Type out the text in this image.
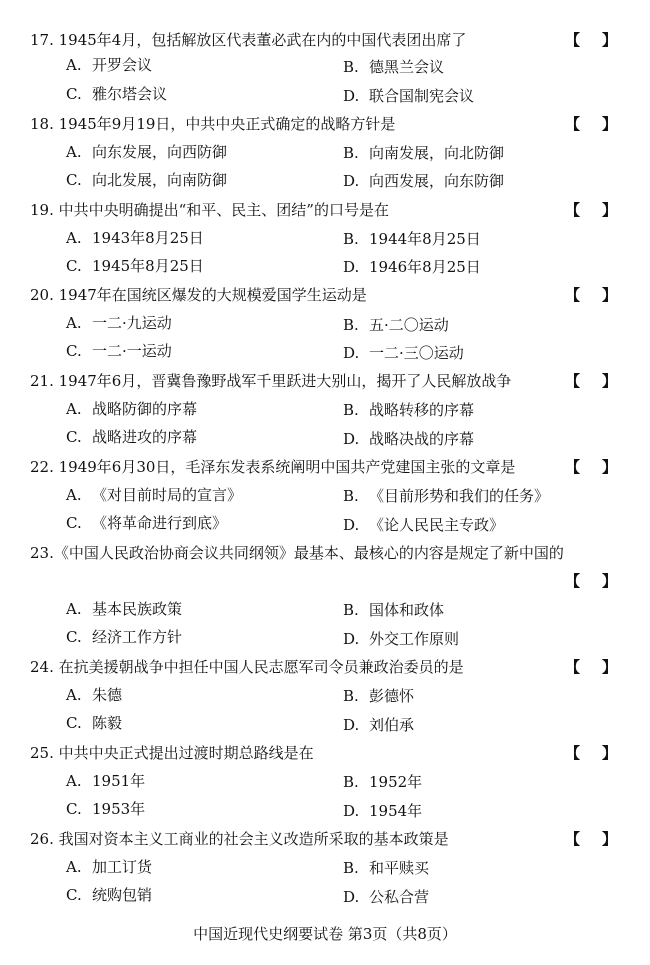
17. 1945年4月，包括解放区代表董必武在内的中国代表团出席了	【 】
A. 开罗会议	B. 德黑兰会议
C. 雅尔塔会议	D. 联合国制宪会议
18. 1945年9月19日，中共中央正式确定的战略方针是	【 】
A. 向东发展，向西防御	B. 向南发展，向北防御
C. 向北发展，向南防御	D. 向西发展，向东防御
19. 中共中央明确提出“和平、民主、团结”的口号是在	【 】
A. 1943年8月25日	B. 1944年8月25日
C. 1945年8月25日	D. 1946年8月25日
20. 1947年在国统区爆发的大规模爱国学生运动是	【 】
A. 一二·九运动	B. 五·二〇运动
C. 一二·一运动	D. 一二·三〇运动
21. 1947年6月，晋冀鲁豫野战军千里跃进大别山，揭开了人民解放战争	【 】
A. 战略防御的序幕	B. 战略转移的序幕
C. 战略进攻的序幕	D. 战略决战的序幕
22. 1949年6月30日，毛泽东发表系统阐明中国共产党建国主张的文章是	【 】
A. 《对目前时局的宣言》	B. 《目前形势和我们的任务》
C. 《将革命进行到底》	D. 《论人民民主专政》
23.《中国人民政治协商会议共同纲领》最基本、最核心的内容是规定了新中国的
【 】
A. 基本民族政策	B. 国体和政体
C. 经济工作方针	D. 外交工作原则
24. 在抗美援朝战争中担任中国人民志愿军司令员兼政治委员的是	【 】
A. 朱德	B. 彭德怀
C. 陈毅	D. 刘伯承
25. 中共中央正式提出过渡时期总路线是在	【 】
A. 1951年	B. 1952年
C. 1953年	D. 1954年
26. 我国对资本主义工商业的社会主义改造所采取的基本政策是	【 】
A. 加工订货	B. 和平赎买
C. 统购包销	D. 公私合营
中国近现代史纲要试卷 第3页（共8页）
